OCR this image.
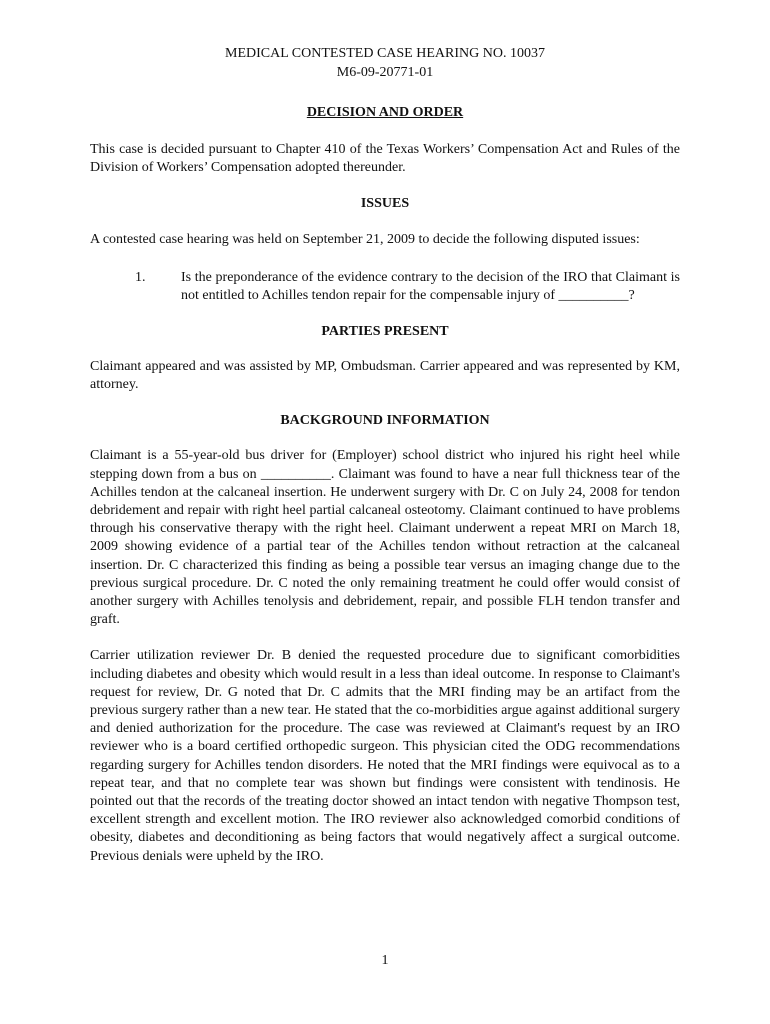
MEDICAL CONTESTED CASE HEARING NO. 10037

M6-09-20771-01

DECISION AND ORDER

This case is decided pursuant to Chapter 410 of the Texas Workers’ Compensation Act and Rules of the Division of Workers’ Compensation adopted thereunder.

ISSUES

A contested case hearing was held on September 21, 2009 to decide the following disputed issues:

1.	Is the preponderance of the evidence contrary to the decision of the IRO that Claimant is not entitled to Achilles tendon repair for the compensable injury of __________?

PARTIES PRESENT

Claimant appeared and was assisted by MP, Ombudsman. Carrier appeared and was represented by KM, attorney.

BACKGROUND INFORMATION

Claimant is a 55-year-old bus driver for (Employer) school district who injured his right heel while stepping down from a bus on __________. Claimant was found to have a near full thickness tear of the Achilles tendon at the calcaneal insertion. He underwent surgery with Dr. C on July 24, 2008 for tendon debridement and repair with right heel partial calcaneal osteotomy. Claimant continued to have problems through his conservative therapy with the right heel. Claimant underwent a repeat MRI on March 18, 2009 showing evidence of a partial tear of the Achilles tendon without retraction at the calcaneal insertion. Dr. C characterized this finding as being a possible tear versus an imaging change due to the previous surgical procedure. Dr. C noted the only remaining treatment he could offer would consist of another surgery with Achilles tenolysis and debridement, repair, and possible FLH tendon transfer and graft.

Carrier utilization reviewer Dr. B denied the requested procedure due to significant comorbidities including diabetes and obesity which would result in a less than ideal outcome. In response to Claimant's request for review, Dr. G noted that Dr. C admits that the MRI finding may be an artifact from the previous surgery rather than a new tear. He stated that the co-morbidities argue against additional surgery and denied authorization for the procedure. The case was reviewed at Claimant's request by an IRO reviewer who is a board certified orthopedic surgeon. This physician cited the ODG recommendations regarding surgery for Achilles tendon disorders. He noted that the MRI findings were equivocal as to a repeat tear, and that no complete tear was shown but findings were consistent with tendinosis. He pointed out that the records of the treating doctor showed an intact tendon with negative Thompson test, excellent strength and excellent motion. The IRO reviewer also acknowledged comorbid conditions of obesity, diabetes and deconditioning as being factors that would negatively affect a surgical outcome. Previous denials were upheld by the IRO.

1
